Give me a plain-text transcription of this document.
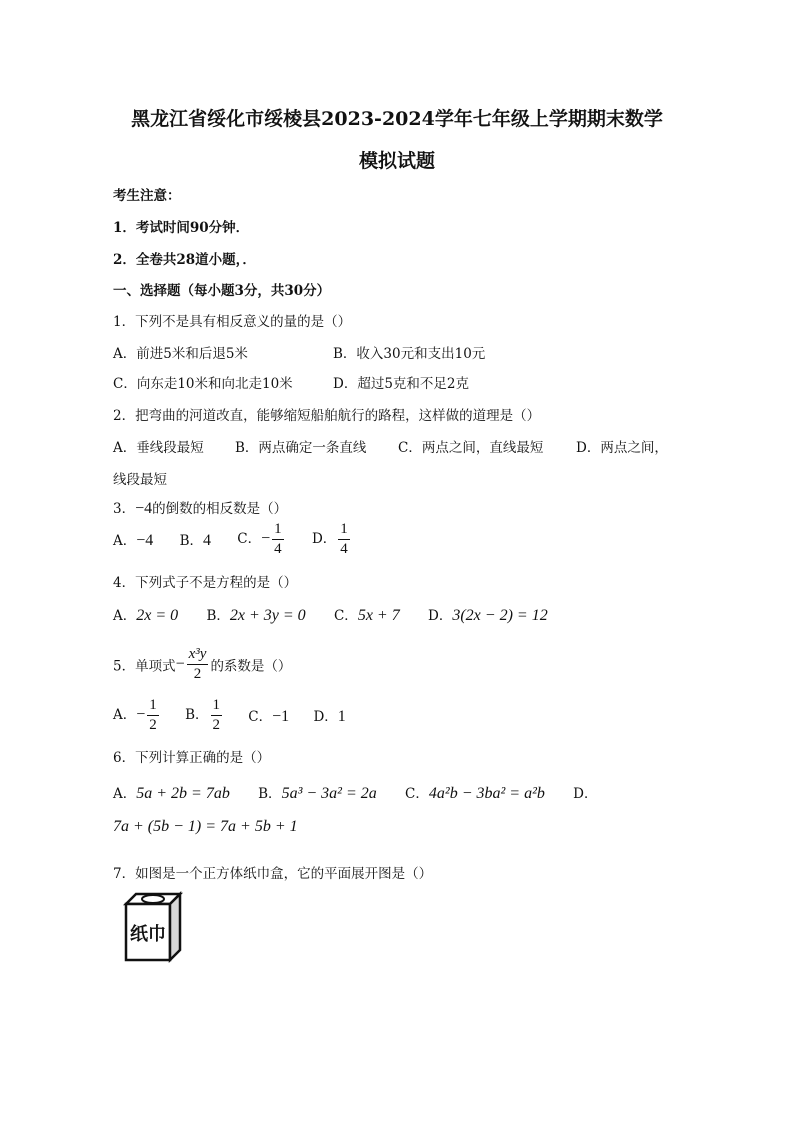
黑龙江省绥化市绥棱县2023-2024学年七年级上学期期末数学
模拟试题
考生注意：
1．考试时间90分钟．
2．全卷共28道小题，．
一、选择题（每小题3分，共30分）
1．下列不是具有相反意义的量的是（）
A．前进5米和后退5米	B．收入30元和支出10元
C．向东走10米和向北走10米	D．超过5克和不足2克
2．把弯曲的河道改直，能够缩短船舶航行的路程，这样做的道理是（）
A．垂线段最短 B．两点确定一条直线 C．两点之间，直线最短 D．两点之间，
线段最短
3．−4的倒数的相反数是（）
A．−4 B．4 C．− $\frac{1}{4}$ D． $\frac{1}{4}$
4．下列式子不是方程的是（）
A．2x = 0 B．2x + 3y = 0 C．5x + 7 D．3(2x − 2) = 12
5．单项式− $\frac{\text{x³y}}{2}$ 的系数是（）
A．− $\frac{1}{2}$ B． $\frac{1}{2}$ C．−1 D．1
6．下列计算正确的是（）
A．5a + 2b = 7ab B．5a³ − 3a² = 2a C．4a²b − 3ba² = a²b D．
7a + (5b − 1) = 7a + 5b + 1
7．如图是一个正方体纸巾盒，它的平面展开图是（）
纸巾
